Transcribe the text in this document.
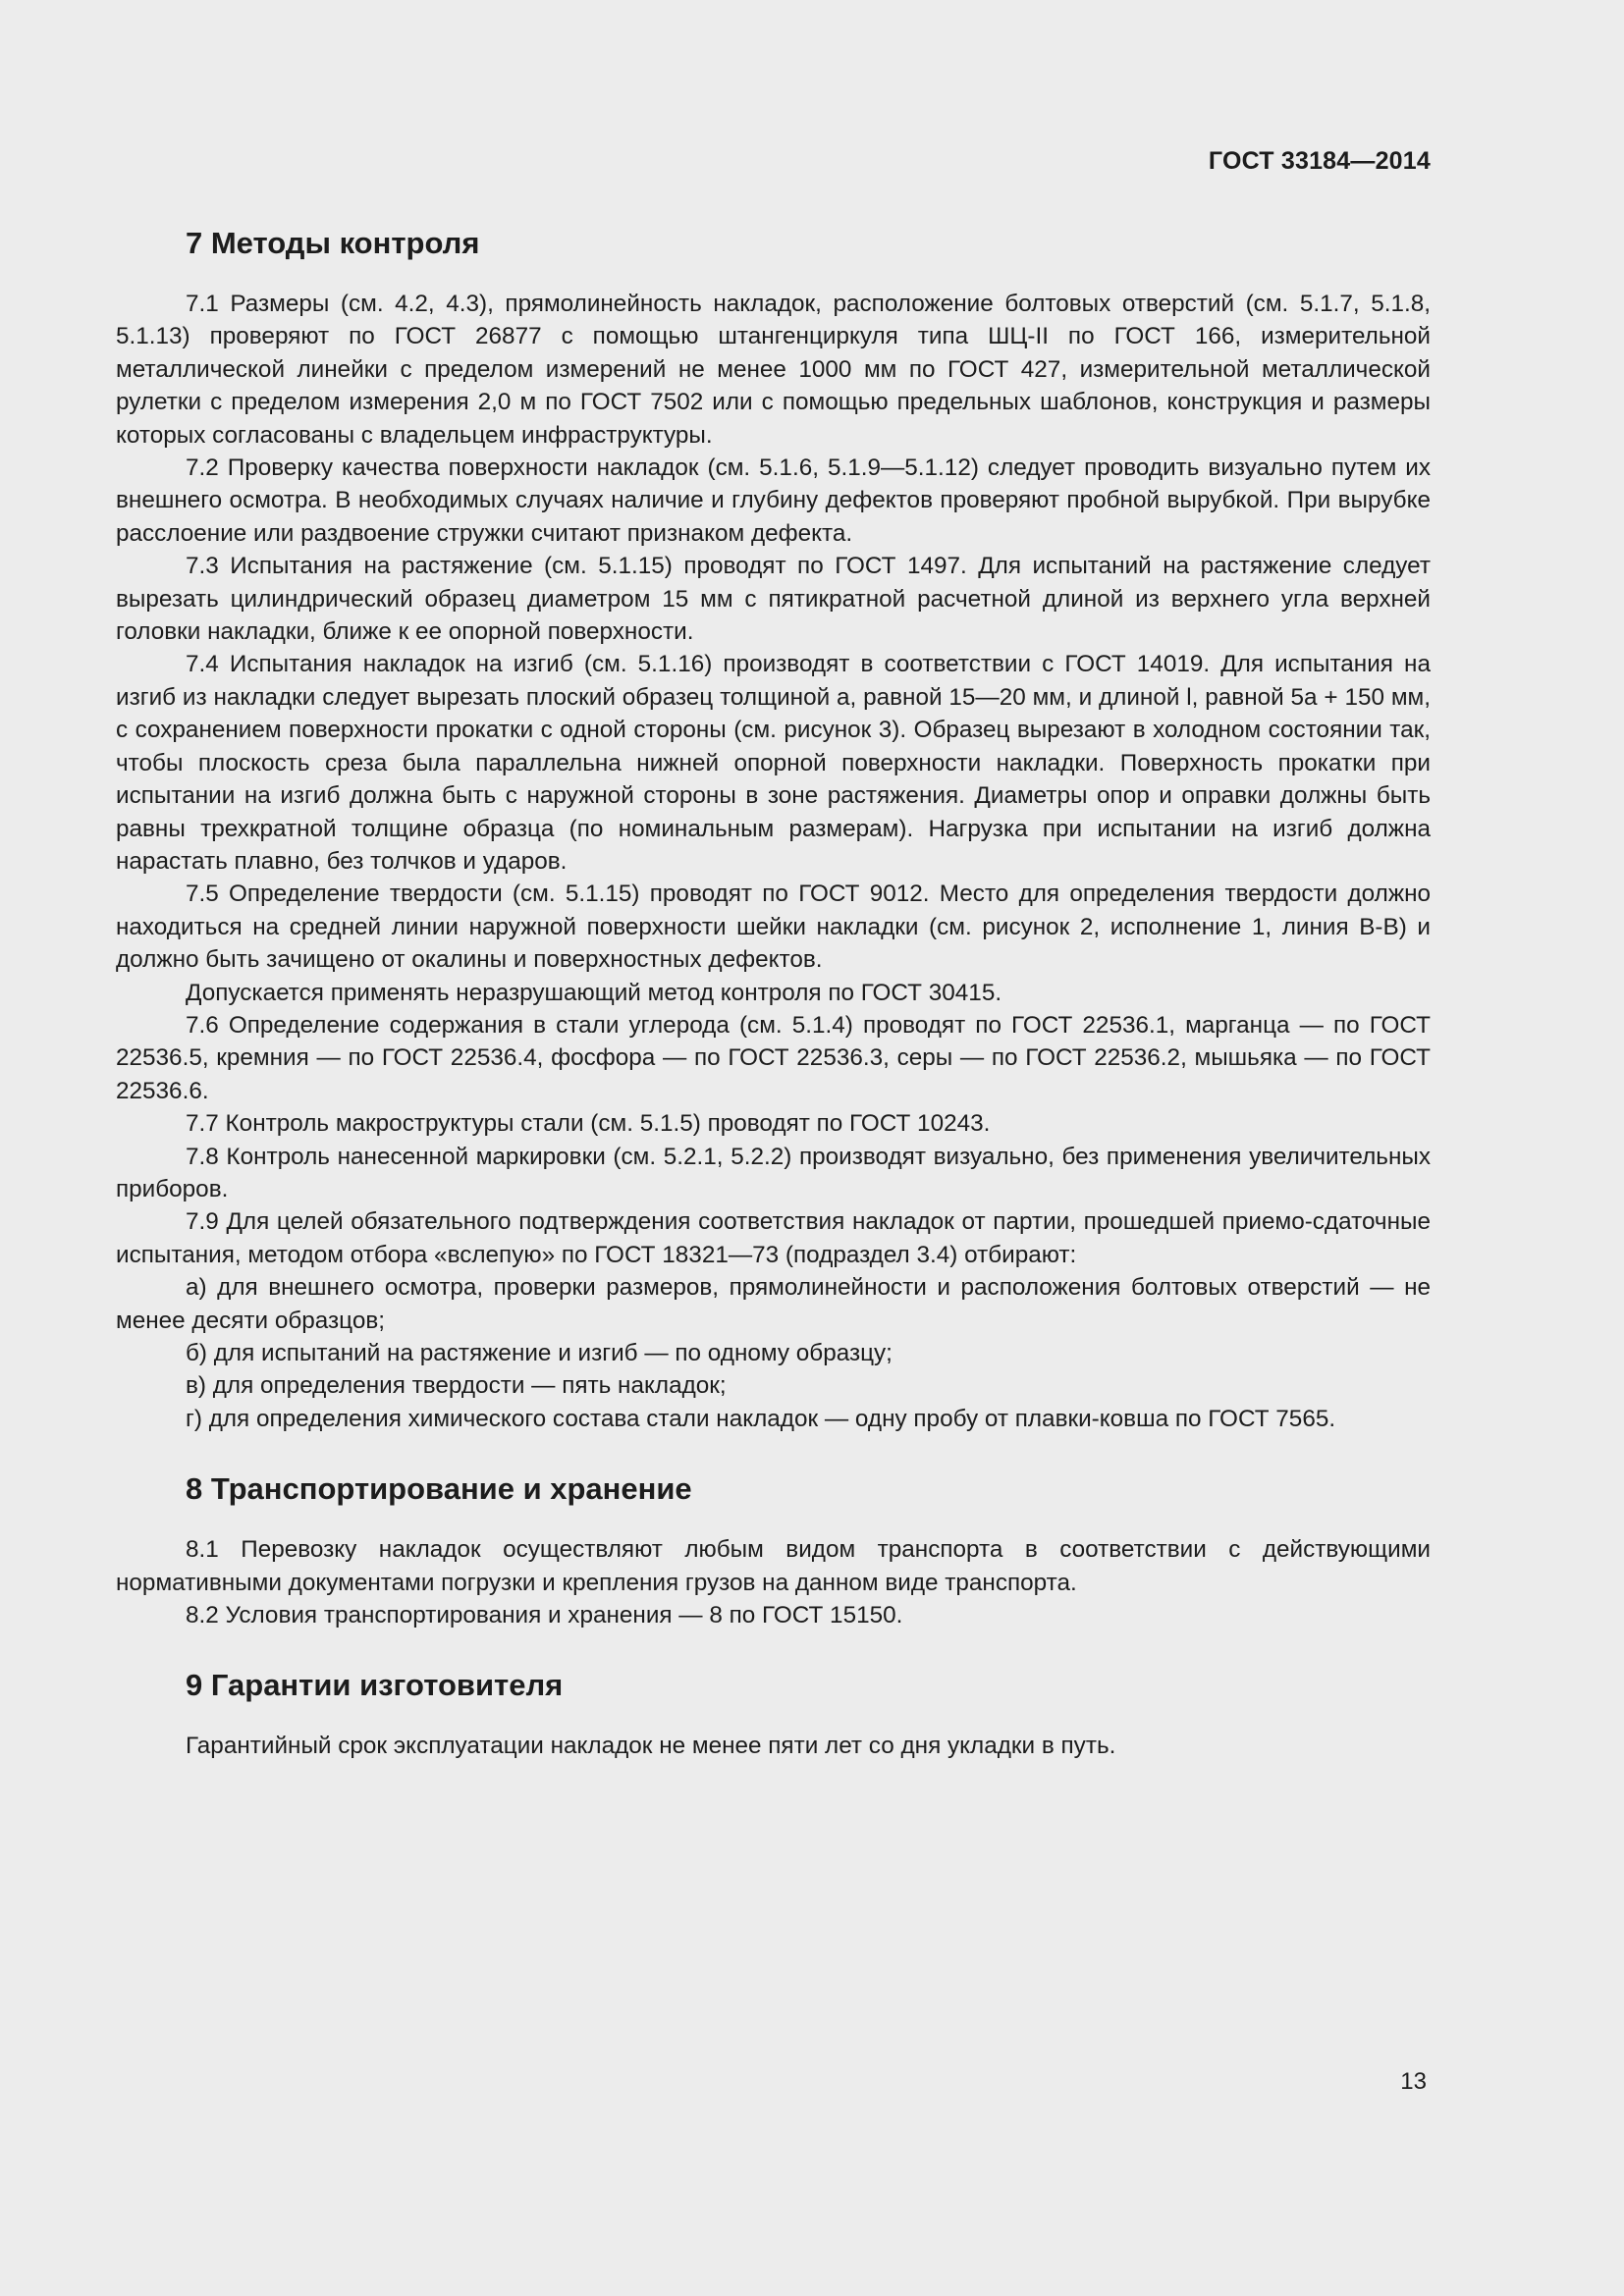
ГОСТ 33184—2014
7 Методы контроля

7.1 Размеры (см. 4.2, 4.3), прямолинейность накладок, расположение болтовых отверстий (см. 5.1.7, 5.1.8, 5.1.13) проверяют по ГОСТ 26877 с помощью штангенциркуля типа ШЦ-II по ГОСТ 166, измерительной металлической линейки с пределом измерений не менее 1000 мм по ГОСТ 427, измерительной металлической рулетки с пределом измерения 2,0 м по ГОСТ 7502 или с помощью предельных шаблонов, конструкция и размеры которых согласованы с владельцем инфраструктуры.

7.2 Проверку качества поверхности накладок (см. 5.1.6, 5.1.9—5.1.12) следует проводить визуально путем их внешнего осмотра. В необходимых случаях наличие и глубину дефектов проверяют пробной вырубкой. При вырубке расслоение или раздвоение стружки считают признаком дефекта.

7.3 Испытания на растяжение (см. 5.1.15) проводят по ГОСТ 1497. Для испытаний на растяжение следует вырезать цилиндрический образец диаметром 15 мм с пятикратной расчетной длиной из верхнего угла верхней головки накладки, ближе к ее опорной поверхности.

7.4 Испытания накладок на изгиб (см. 5.1.16) производят в соответствии с ГОСТ 14019. Для испытания на изгиб из накладки следует вырезать плоский образец толщиной a, равной 15—20 мм, и длиной l, равной 5a + 150 мм, с сохранением поверхности прокатки с одной стороны (см. рисунок 3). Образец вырезают в холодном состоянии так, чтобы плоскость среза была параллельна нижней опорной поверхности накладки. Поверхность прокатки при испытании на изгиб должна быть с наружной стороны в зоне растяжения. Диаметры опор и оправки должны быть равны трехкратной толщине образца (по номинальным размерам). Нагрузка при испытании на изгиб должна нарастать плавно, без толчков и ударов.

7.5 Определение твердости (см. 5.1.15) проводят по ГОСТ 9012. Место для определения твердости должно находиться на средней линии наружной поверхности шейки накладки (см. рисунок 2, исполнение 1, линия В-В) и должно быть зачищено от окалины и поверхностных дефектов.

Допускается применять неразрушающий метод контроля по ГОСТ 30415.

7.6 Определение содержания в стали углерода (см. 5.1.4) проводят по ГОСТ 22536.1, марганца — по ГОСТ 22536.5, кремния — по ГОСТ 22536.4, фосфора — по ГОСТ 22536.3, серы — по ГОСТ 22536.2, мышьяка — по ГОСТ 22536.6.

7.7 Контроль макроструктуры стали (см. 5.1.5) проводят по ГОСТ 10243.

7.8 Контроль нанесенной маркировки (см. 5.2.1, 5.2.2) производят визуально, без применения увеличительных приборов.

7.9 Для целей обязательного подтверждения соответствия накладок от партии, прошедшей приемо-сдаточные испытания, методом отбора «вслепую» по ГОСТ 18321—73 (подраздел 3.4) отбирают:

а) для внешнего осмотра, проверки размеров, прямолинейности и расположения болтовых отверстий — не менее десяти образцов;

б) для испытаний на растяжение и изгиб — по одному образцу;

в) для определения твердости — пять накладок;

г) для определения химического состава стали накладок — одну пробу от плавки-ковша по ГОСТ 7565.

8 Транспортирование и хранение

8.1 Перевозку накладок осуществляют любым видом транспорта в соответствии с действующими нормативными документами погрузки и крепления грузов на данном виде транспорта.

8.2 Условия транспортирования и хранения — 8 по ГОСТ 15150.

9 Гарантии изготовителя

Гарантийный срок эксплуатации накладок не менее пяти лет со дня укладки в путь.

13
